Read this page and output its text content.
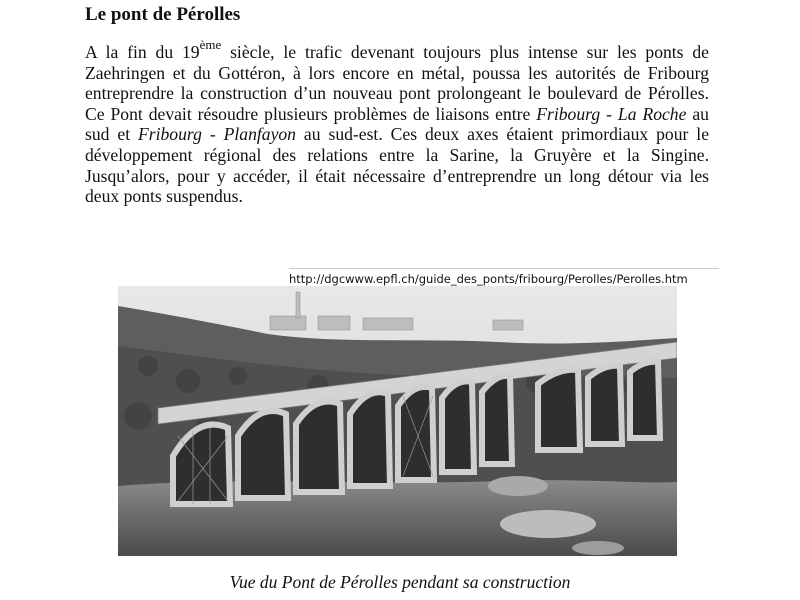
Le pont de Pérolles

A la fin du 19ème siècle, le trafic devenant toujours plus intense sur les ponts de Zaehringen et du Gottéron, à lors encore en métal, poussa les autorités de Fribourg entreprendre la construction d’un nouveau pont prolongeant le boulevard de Pérolles. Ce Pont devait résoudre plusieurs problèmes de liaisons entre Fribourg - La Roche au sud et Fribourg - Planfayon au sud-est. Ces deux axes étaient primordiaux pour le développement régional des relations entre la Sarine, la Gruyère et la Singine. Jusqu’alors, pour y accéder, il était nécessaire d’entreprendre un long détour via les deux ponts suspendus.

http://dgcwww.epfl.ch/guide_des_ponts/fribourg/Perolles/Perolles.htm
Vue du Pont de Pérolles pendant sa construction
